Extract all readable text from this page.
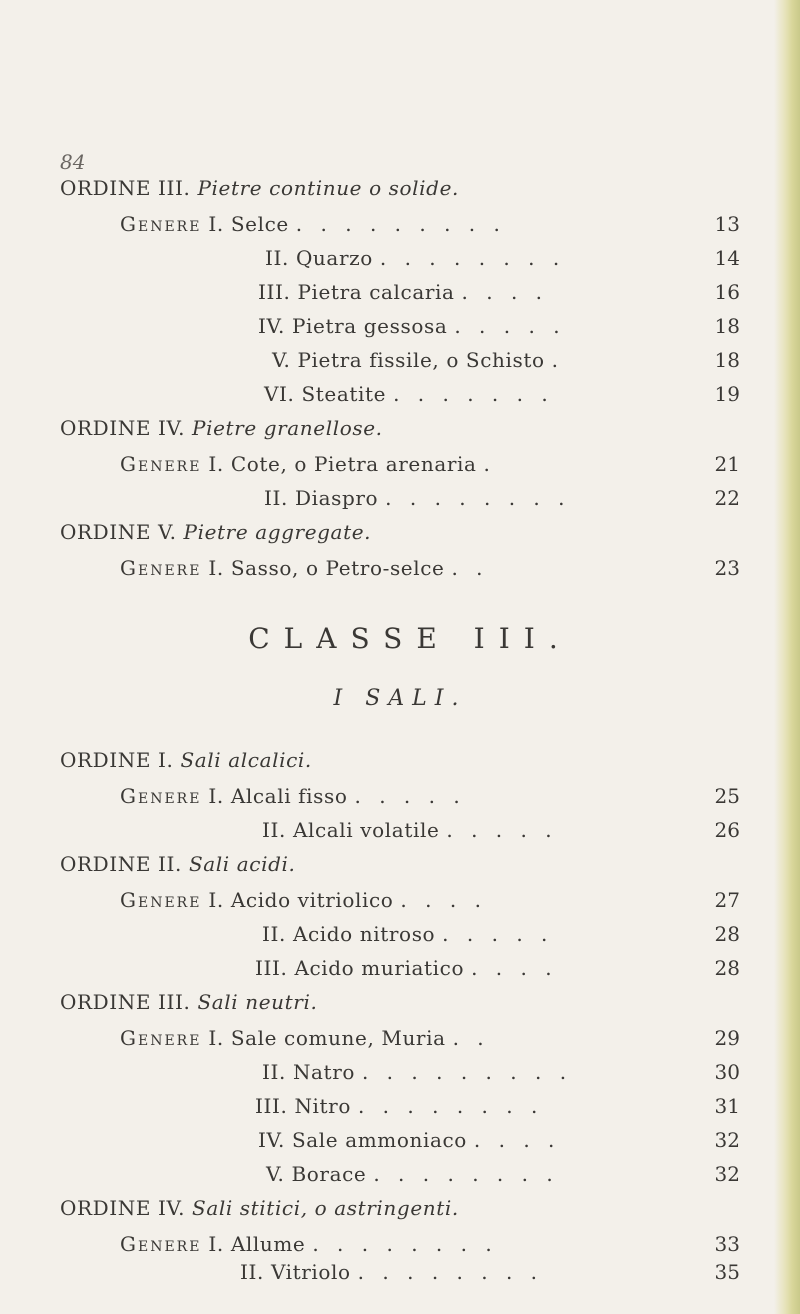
84
ORDINE III. Pietre continue o solide.
Genere I. Selce . . . . . . . . .	13
II. Quarzo . . . . . . . .	14
III. Pietra calcaria . . . .	16
IV. Pietra gessosa . . . . .	18
V. Pietra fissile, o Schisto .	18
VI. Steatite . . . . . . .	19
ORDINE IV. Pietre granellose.
Genere I. Cote, o Pietra arenaria .	21
II. Diaspro . . . . . . . .	22
ORDINE V. Pietre aggregate.
Genere I. Sasso, o Petro-selce . .	23
CLASSE III.
I SALI.
ORDINE I. Sali alcalici.
Genere I. Alcali fisso . . . . .	25
II. Alcali volatile . . . . .	26
ORDINE II. Sali acidi.
Genere I. Acido vitriolico . . . .	27
II. Acido nitroso . . . . .	28
III. Acido muriatico . . . .	28
ORDINE III. Sali neutri.
Genere I. Sale comune, Muria . .	29
II. Natro . . . . . . . . .	30
III. Nitro . . . . . . . .	31
IV. Sale ammoniaco . . . .	32
V. Borace . . . . . . . .	32
ORDINE IV. Sali stitici, o astringenti.
Genere I. Allume . . . . . . . .	33
II. Vitriolo . . . . . . . .	35
